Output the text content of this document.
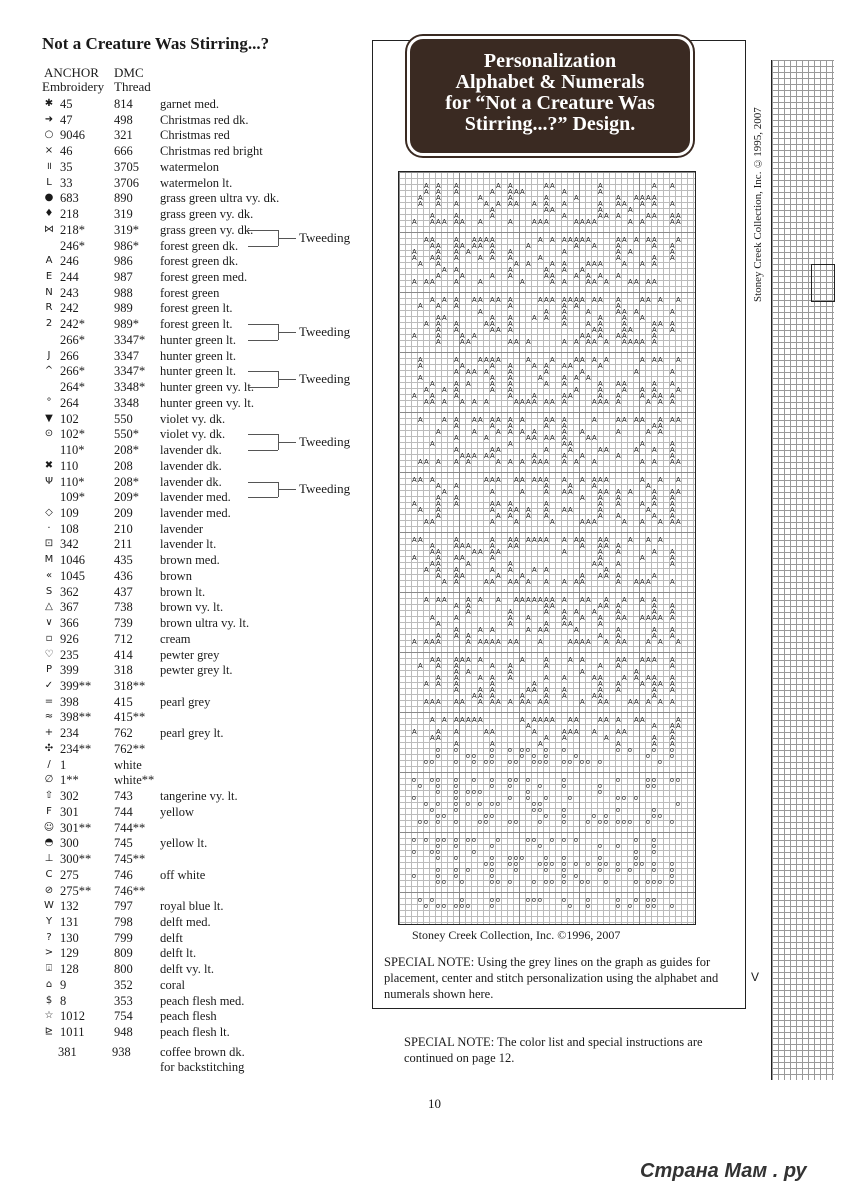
Not a Creature Was Stirring...?
ANCHOR DMC
Embroidery Thread
✱ 45	814 garnet med.
➜ 47	498 Christmas red dk.
○ 9046 321 Christmas red
× 46	666 Christmas red bright
॥ 35	3705 watermelon
L 33	3706 watermelon lt.
● 683	890 grass green ultra vy. dk.
♦ 218	319 grass green vy. dk.
⋈ 218* 319* grass green vy. dk.
246* 986* forest green dk.
A 246	986 forest green dk.
E 244	987 forest green med.
N 243	988 forest green
R 242	989 forest green lt.
2 242* 989* forest green lt.
266* 3347* hunter green lt.
J 266	3347 hunter green lt.
^ 266* 3347* hunter green lt.
264* 3348* hunter green vy. lt.
° 264	3348 hunter green vy. lt.
▼ 102	550 violet vy. dk.
⊙ 102* 550* violet vy. dk.
110* 208* lavender dk.
✖ 110	208 lavender dk.
Ψ 110* 208* lavender dk.
109* 209* lavender med.
◇ 109	209 lavender med.
· 108	210 lavender
⊡ 342	211 lavender lt.
M 1046 435 brown med.
« 1045 436 brown
S 362	437 brown lt.
△ 367	738 brown vy. lt.
∨ 366	739 brown ultra vy. lt.
▫ 926	712 cream
♡ 235	414 pewter grey
P 399	318 pewter grey lt.
✓ 399** 318**
= 398	415 pearl grey
≈ 398** 415**
+ 234	762 pearl grey lt.
✣ 234** 762**
/ 1	white
∅ 1**	white**
⇧ 302	743 tangerine vy. lt.
F 301	744 yellow
☺ 301** 744**
◓ 300	745 yellow lt.
⊥ 300** 745**
C 275	746 off white
⊘ 275** 746**
W 132	797 royal blue lt.
Y 131	798 delft med.
? 130	799 delft
> 129	809 delft lt.
⍗ 128	800 delft vy. lt.
⌂ 9	352 coral
$ 8	353 peach flesh med.
☆ 1012 754 peach flesh
⊵ 1011 948 peach flesh lt.
Tweeding
Tweeding
Tweeding
Tweeding
Tweeding
381	938 coffee brown dk.
for backstitching
Personalization
Alphabet & Numerals
for “Not a Creature Was
Stirring...?” Design.
A A A	A A	A A	A	A A
A A A	A A A A	A	A
A A	A	A	A	A	A A A A A
A A A	A A A A A A A	A A A A A A
A	A A	A	A
A	A	A	A	A A A	A A A A
A A A A A A A	A	A A A	A A A A	A A	A A
A A	A A A A A	A A A A A A A	A A A A A	A
A A A A A A A	A	A A	A	A A
A	A A A	A A	A	A A	A
A A A A	A A A	A	A	A A
A A	A A	A A	A A A	A A A
A A	A	A A A
A	A	A A	A A	A A A A
A A A	A	A	A	A A	A A A	A A A A
A A A A A A A A	A A A A A A A A A A	A A A A
A A A	A	A A	A
A	A A	A	A A A	A
A A	A A	A A A	A	A A
A A A	A A A	A	A A	A	A A A
A A	A A A	A A	A A	A A
A	A	A A	A A A A A	A
A	A A	A A A	A A A A A A A A A A
A	A	A A A A	A	A	A A A A	A A A A
A	A	A A	A A A A	A
A A A A	A	A	A	A	A
A	A A	A	A A A
A	A A	A A	A A	A A A	A A
A A A	A A	A	A	A A A	A
A A	A	A	A	A A	A A	A A A A
A A A A A A	A A A A A A A	A A A A	A A A
A	A A A A A A A A	A A A	A	A A A A A A A
A	A A	A A	A A
A	A	A A A A	A A	A	A A
A	A	A A A A A	A A
A	A	A A	A	A
A	A A	A	A	A A	A A A
A A A A A	A	A A	A	A
A A A A A	A A A A A A A A A	A A A A
A A A	A A A A A A A A A A A A A	A A A
A A	A	A	A	A
A	A	A	A A A	A A A A	A A A
A A	A A A	A A
A	A A	A A A	A	A A	A A A
A A	A A A A A A A	A	A	A
A	A A A A	A A	A A
A A	A	A	A	A A A	A A A A A
A A	A	A A A A A A A A A A A A	A A A
A	A A A	A A A	A A A A
A A	A A A A	A	A A	A A
A	A A A	A	A	A	A
A A	A	A	A A A	A
A A A	A A	A A	A
A A A	A	A	A A A A	A
A A	A A A A A A A A A	A A A A	A
A A A	A A A A A A A A A A A A A A A A A
A A	A A	A A A	A A
A	A	A A A A	A	A A
A	A	A A	A A A A A A A A A A
A	A	A A A	A
A	A A	A A A	A	A	A A
A A A	A A	A A
A A A A	A A A A A A A	A	A A A A A A A	A A A
A A A A A A	A	A	A A	A A A A A A
A A A	A A	A	A A	A
A A	A	A	A
A A	A A A	A A	A A	A A A A A
A A A	A	A	A A	A A A A
A	A A	A A A A	A A	A A
A A A	A	A A	A A	A
A A A A A A A A A A A A A	A A A	A A A A A
A A A A A A A	A A A A A A A	A A A A A	A
A	A A A
A	A A	A A	A	A A A A	A A	A
A A	A A	A	A A
A	A	A	A	A A
o o	o o o o o o	o o	o o
o	o o o	o o o	o	o	o
o o	o o o o o o o o o o o o o o	o
o o o o o o o o o	o	o	o o o o
o o o	o o	o	o	o	o o
o o o o o	o	o
o	o	o o o	o	o o o
o o o o o o o	o o	o
o	o	o o	o	o	o
o o	o o	o o	o o	o o
o o o o	o o	o o	o	o	o o o o o o o	o
o o o o o o o	o	o o o o o	o o
o o	o	o	o o	o
o o o	o	o o
o o	o o o o	o o	o	o
o o o o	o o o o o o o o o o o o o
o o o	o	o	o o	o o o	o o
o	o o	o	o o	o
o o o	o o o	o o o o o o o	o o o o o
o o	o	o o	o o o	o	o	o o o o
o o o o o o	o	o o	o o o o o
Stoney Creek Collection, Inc. ©1996, 2007
SPECIAL NOTE: Using the grey lines on the graph as guides for placement, center and stitch personalization using the alphabet and numerals shown here.
SPECIAL NOTE: The color list and special instructions are continued on page 12.
10
Stoney Creek Collection, Inc. ©1995, 2007
V
Страна Мам . ру
